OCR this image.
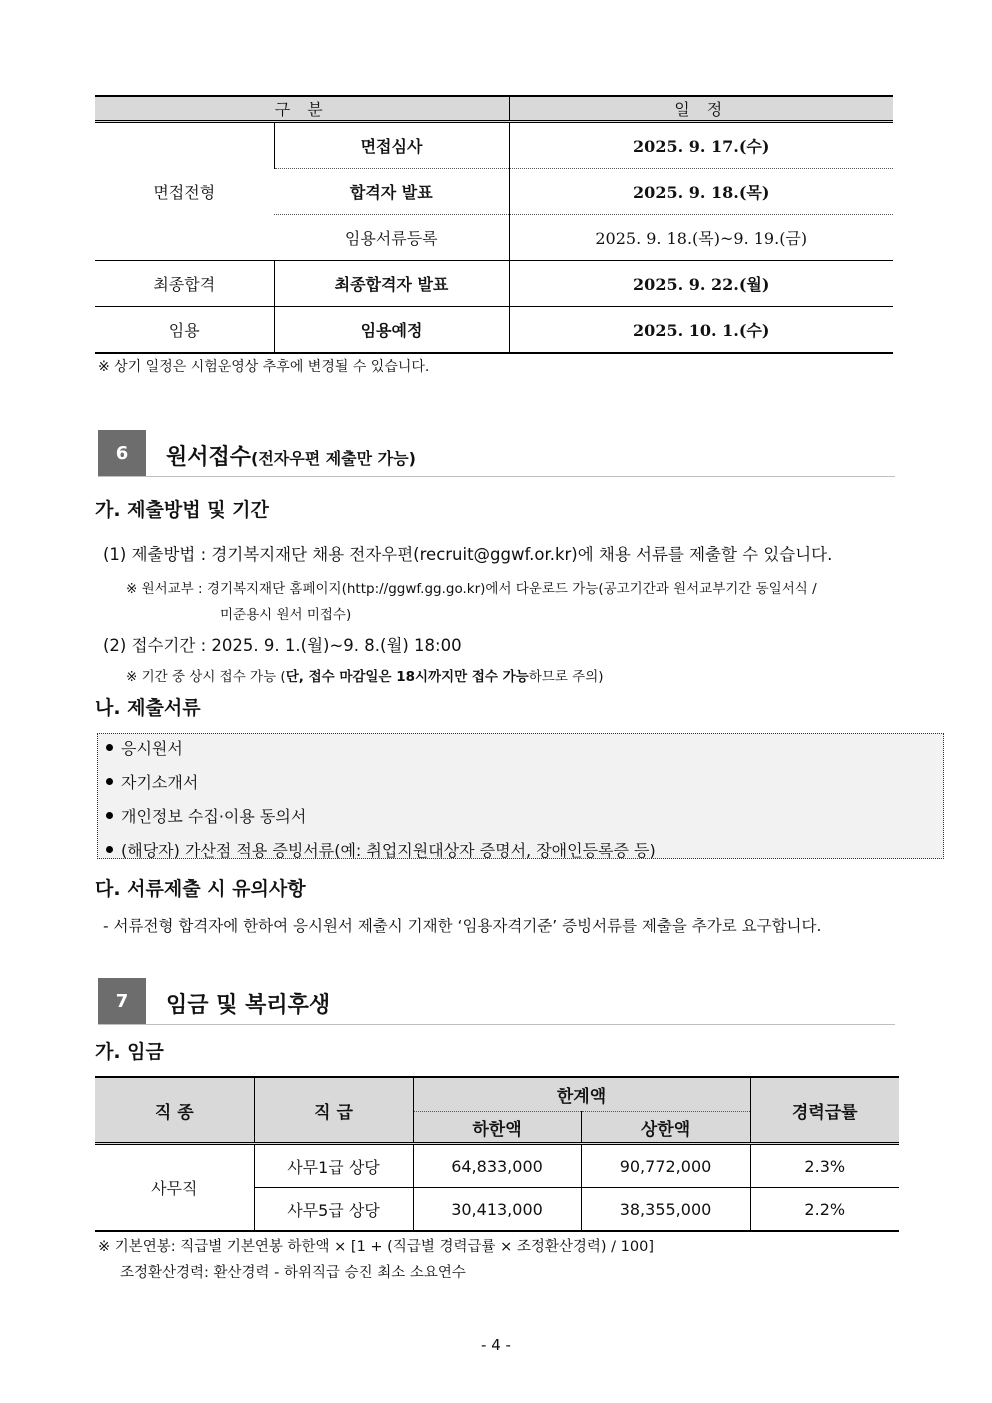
구 분		일 정
면접전형	면접심사	2025. 9. 17.(수)
	합격자 발표	2025. 9. 18.(목)
	임용서류등록	2025. 9. 18.(목)~9. 19.(금)
최종합격	최종합격자 발표	2025. 9. 22.(월)
임용	임용예정	2025. 10. 1.(수)
※ 상기 일정은 시험운영상 추후에 변경될 수 있습니다.
6	원서접수(전자우편 제출만 가능)
가. 제출방법 및 기간
(1) 제출방법 : 경기복지재단 채용 전자우편(recruit@ggwf.or.kr)에 채용 서류를 제출할 수 있습니다.
※ 원서교부 : 경기복지재단 홈페이지(http://ggwf.gg.go.kr)에서 다운로드 가능(공고기간과 원서교부기간 동일서식 /
미준용시 원서 미접수)
(2) 접수기간 : 2025. 9. 1.(월)~9. 8.(월) 18:00
※ 기간 중 상시 접수 가능 (단, 접수 마감일은 18시까지만 접수 가능하므로 주의)
나. 제출서류
응시원서
자기소개서
개인정보 수집·이용 동의서
(해당자) 가산점 적용 증빙서류(예: 취업지원대상자 증명서, 장애인등록증 등)
다. 서류제출 시 유의사항
- 서류전형 합격자에 한하여 응시원서 제출시 기재한 ‘임용자격기준’ 증빙서류를 제출을 추가로 요구합니다.
7	임금 및 복리후생
가. 임금
직 종	직 급	한계액		경력급률
		하한액	상한액	
사무직	사무1급 상당	64,833,000	90,772,000	2.3%
	사무5급 상당	30,413,000	38,355,000	2.2%
※ 기본연봉: 직급별 기본연봉 하한액 × [1 + (직급별 경력급률 × 조정환산경력) / 100]
조정환산경력: 환산경력 - 하위직급 승진 최소 소요연수
- 4 -
